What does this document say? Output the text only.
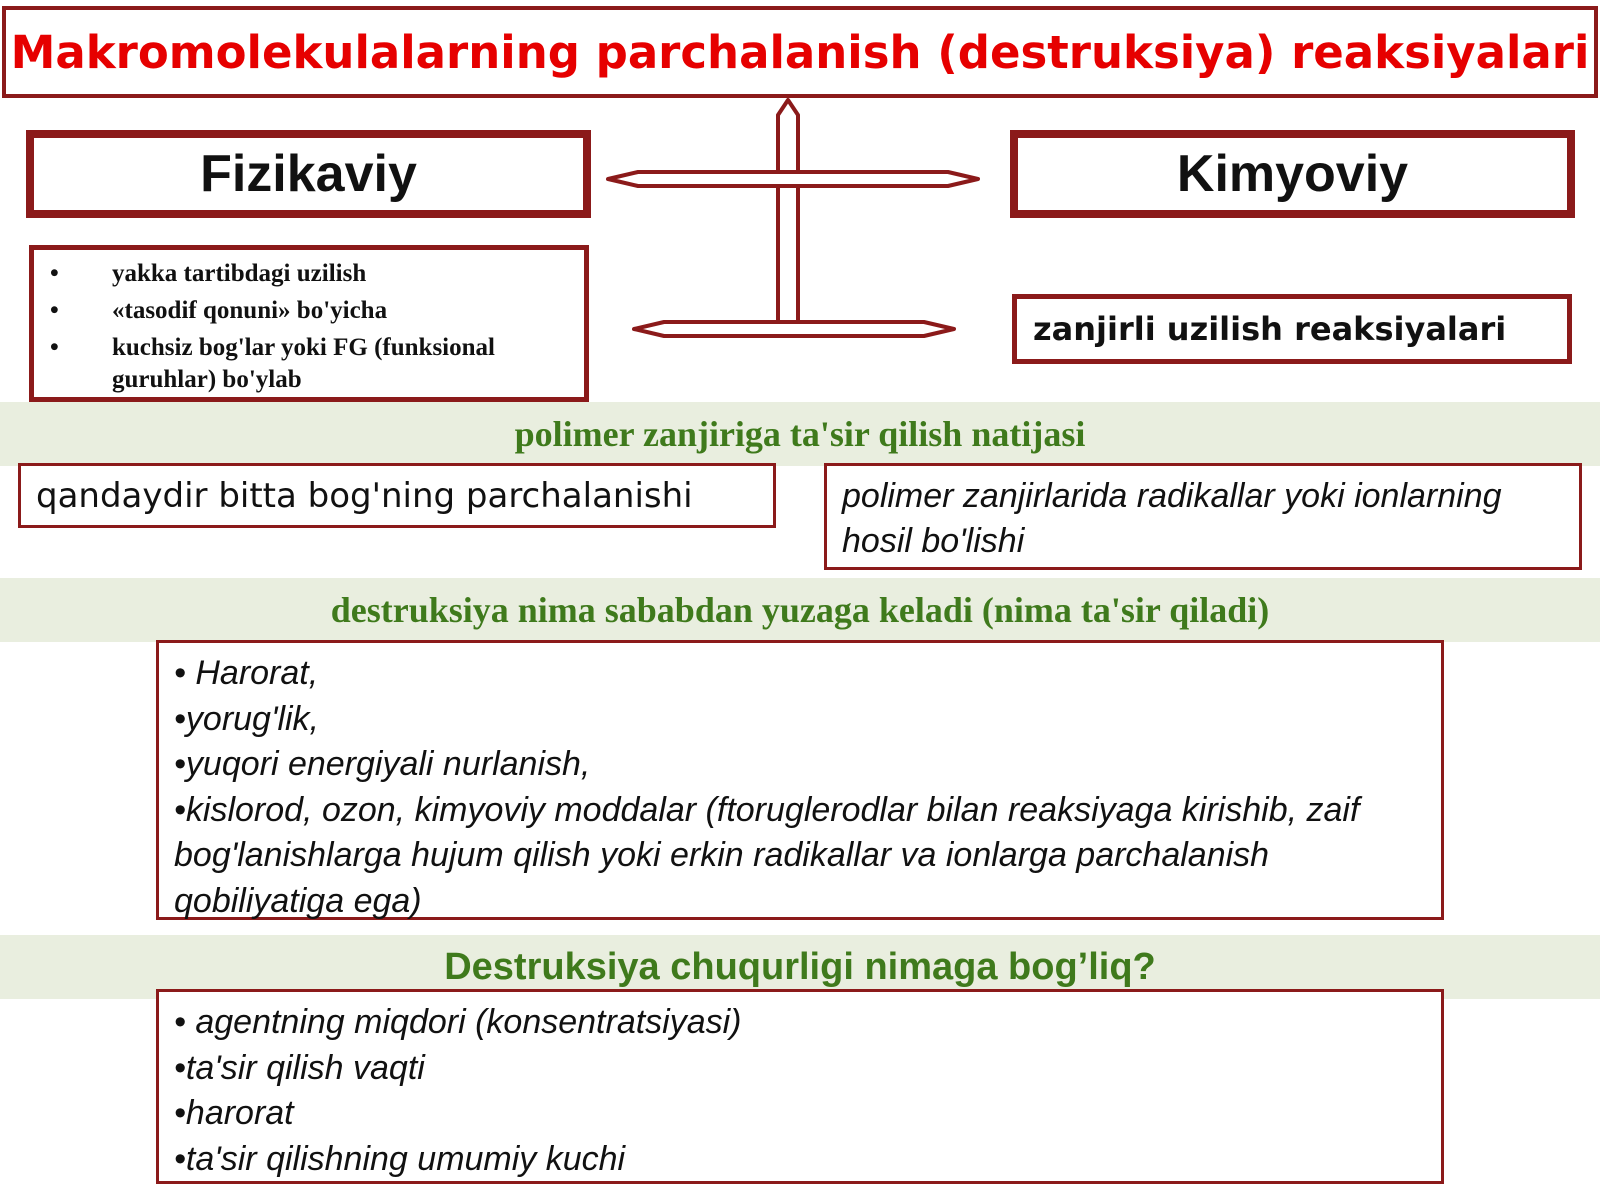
Makromolekulalarning parchalanish (destruksiya) reaksiyalari
Fizikaviy	Kimyoviy
• yakka tartibdagi uzilish
• «tasodif qonuni» bo'yicha
• kuchsiz bog'lar yoki FG (funksional guruhlar) bo'ylab
zanjirli uzilish reaksiyalari
polimer zanjiriga ta'sir qilish natijasi
qandaydir bitta bog'ning parchalanishi	polimer zanjirlarida radikallar yoki ionlarning hosil bo'lishi
destruksiya nima sababdan yuzaga keladi (nima ta'sir qiladi)
• Harorat,
•yorug'lik,
•yuqori energiyali nurlanish,
•kislorod, ozon, kimyoviy moddalar (ftoruglerodlar bilan reaksiyaga kirishib, zaif bog'lanishlarga hujum qilish yoki erkin radikallar va ionlarga parchalanish qobiliyatiga ega)
Destruksiya chuqurligi nimaga bog’liq?
• agentning miqdori (konsentratsiyasi)
•ta'sir qilish vaqti
•harorat
•ta'sir qilishning umumiy kuchi
